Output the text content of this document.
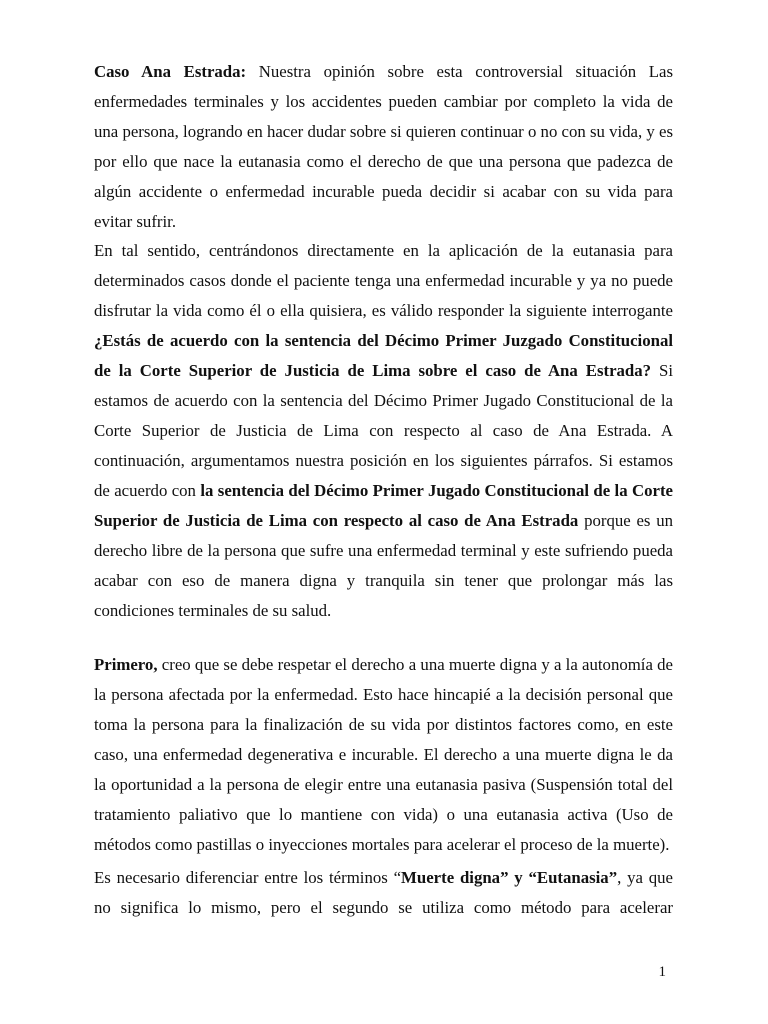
Caso Ana Estrada: Nuestra opinión sobre esta controversial situación Las enfermedades terminales y los accidentes pueden cambiar por completo la vida de una persona, logrando en hacer dudar sobre si quieren continuar o no con su vida, y es por ello que nace la eutanasia como el derecho de que una persona que padezca de algún accidente o enfermedad incurable pueda decidir si acabar con su vida para evitar sufrir.

En tal sentido, centrándonos directamente en la aplicación de la eutanasia para determinados casos donde el paciente tenga una enfermedad incurable y ya no puede disfrutar la vida como él o ella quisiera, es válido responder la siguiente interrogante ¿Estás de acuerdo con la sentencia del Décimo Primer Juzgado Constitucional de la Corte Superior de Justicia de Lima sobre el caso de Ana Estrada? Si estamos de acuerdo con la sentencia del Décimo Primer Jugado Constitucional de la Corte Superior de Justicia de Lima con respecto al caso de Ana Estrada. A continuación, argumentamos nuestra posición en los siguientes párrafos. Si estamos de acuerdo con la sentencia del Décimo Primer Jugado Constitucional de la Corte Superior de Justicia de Lima con respecto al caso de Ana Estrada porque es un derecho libre de la persona que sufre una enfermedad terminal y este sufriendo pueda acabar con eso de manera digna y tranquila sin tener que prolongar más las condiciones terminales de su salud.

Primero, creo que se debe respetar el derecho a una muerte digna y a la autonomía de la persona afectada por la enfermedad. Esto hace hincapié a la decisión personal que toma la persona para la finalización de su vida por distintos factores como, en este caso, una enfermedad degenerativa e incurable. El derecho a una muerte digna le da la oportunidad a la persona de elegir entre una eutanasia pasiva (Suspensión total del tratamiento paliativo que lo mantiene con vida) o una eutanasia activa (Uso de métodos como pastillas o inyecciones mortales para acelerar el proceso de la muerte).

Es necesario diferenciar entre los términos “Muerte digna” y “Eutanasia”, ya que no significa lo mismo, pero el segundo se utiliza como método para acelerar

1
